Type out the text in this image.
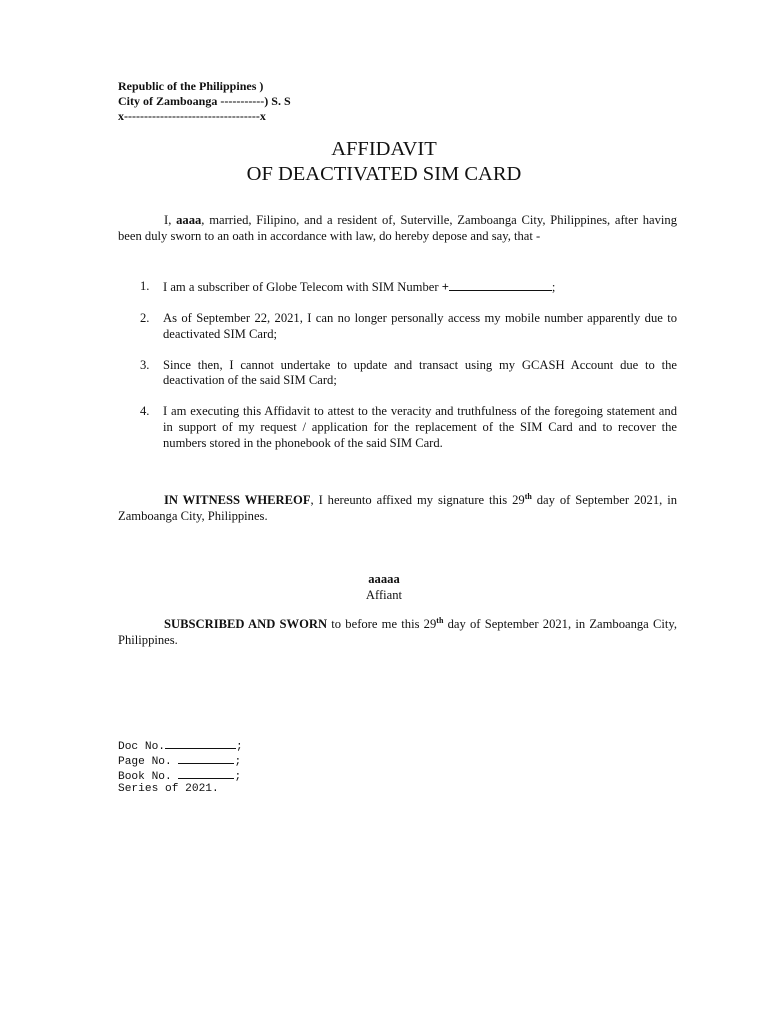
Republic of the Philippines )
City of Zamboanga -----------) S. S
x----------------------------------x
AFFIDAVIT
OF DEACTIVATED SIM CARD

I, aaaa, married, Filipino, and a resident of, Suterville, Zamboanga City, Philippines, after having been duly sworn to an oath in accordance with law, do hereby depose and say, that -

1. I am a subscriber of Globe Telecom with SIM Number +	;
2. As of September 22, 2021, I can no longer personally access my mobile number apparently due to deactivated SIM Card;
3. Since then, I cannot undertake to update and transact using my GCASH Account due to the deactivation of the said SIM Card;
4. I am executing this Affidavit to attest to the veracity and truthfulness of the foregoing statement and in support of my request / application for the replacement of the SIM Card and to recover the numbers stored in the phonebook of the said SIM Card.

IN WITNESS WHEREOF, I hereunto affixed my signature this 29th day of September 2021, in Zamboanga City, Philippines.

aaaaa
Affiant

SUBSCRIBED AND SWORN to before me this 29th day of September 2021, in Zamboanga City, Philippines.

Doc No.	;
Page No.	;
Book No.	;
Series of 2021.
